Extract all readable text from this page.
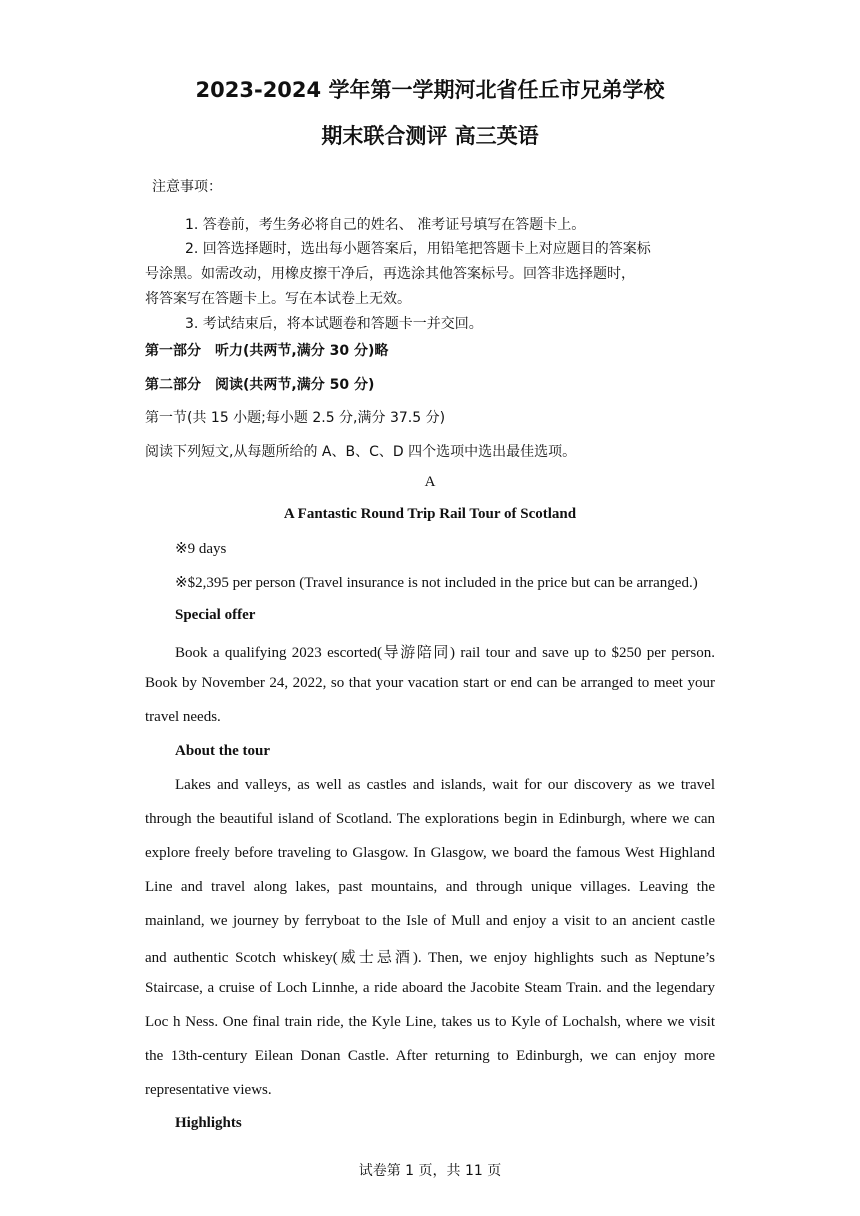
2023-2024 学年第一学期河北省任丘市兄弟学校
期末联合测评 高三英语
注意事项：
1. 答卷前，考生务必将自己的姓名、 准考证号填写在答题卡上。
2. 回答选择题时，选出每小题答案后，用铅笔把答题卡上对应题目的答案标
号涂黑。如需改动，用橡皮擦干净后，再选涂其他答案标号。回答非选择题时，
将答案写在答题卡上。写在本试卷上无效。
3. 考试结束后，将本试题卷和答题卡一并交回。
第一部分　听力(共两节,满分 30 分)略
第二部分　阅读(共两节,满分 50 分)
第一节(共 15 小题;每小题 2.5 分,满分 37.5 分)
阅读下列短文,从每题所给的 A、B、C、D 四个选项中选出最佳选项。
A
A Fantastic Round Trip Rail Tour of Scotland
※9 days
※$2,395 per person (Travel insurance is not included in the price but can be arranged.)
Special offer
Book a qualifying 2023 escorted(导游陪同) rail tour and save up to $250 per person.
Book by November 24, 2022, so that your vacation start or end can be arranged to meet your
travel needs.
About the tour
Lakes and valleys, as well as castles and islands, wait for our discovery as we travel
through the beautiful island of Scotland. The explorations begin in Edinburgh, where we can
explore freely before traveling to Glasgow. In Glasgow, we board the famous West Highland
Line and travel along lakes, past mountains, and through unique villages. Leaving the
mainland, we journey by ferryboat to the Isle of Mull and enjoy a visit to an ancient castle
and authentic Scotch whiskey(威士忌酒). Then, we enjoy highlights such as Neptune’s
Staircase, a cruise of Loch Linnhe, a ride aboard the Jacobite Steam Train. and the legendary
Loc h Ness. One final train ride, the Kyle Line, takes us to Kyle of Lochalsh, where we visit
the 13th-century Eilean Donan Castle. After returning to Edinburgh, we can enjoy more
representative views.
Highlights
试卷第 1 页，共 11 页
